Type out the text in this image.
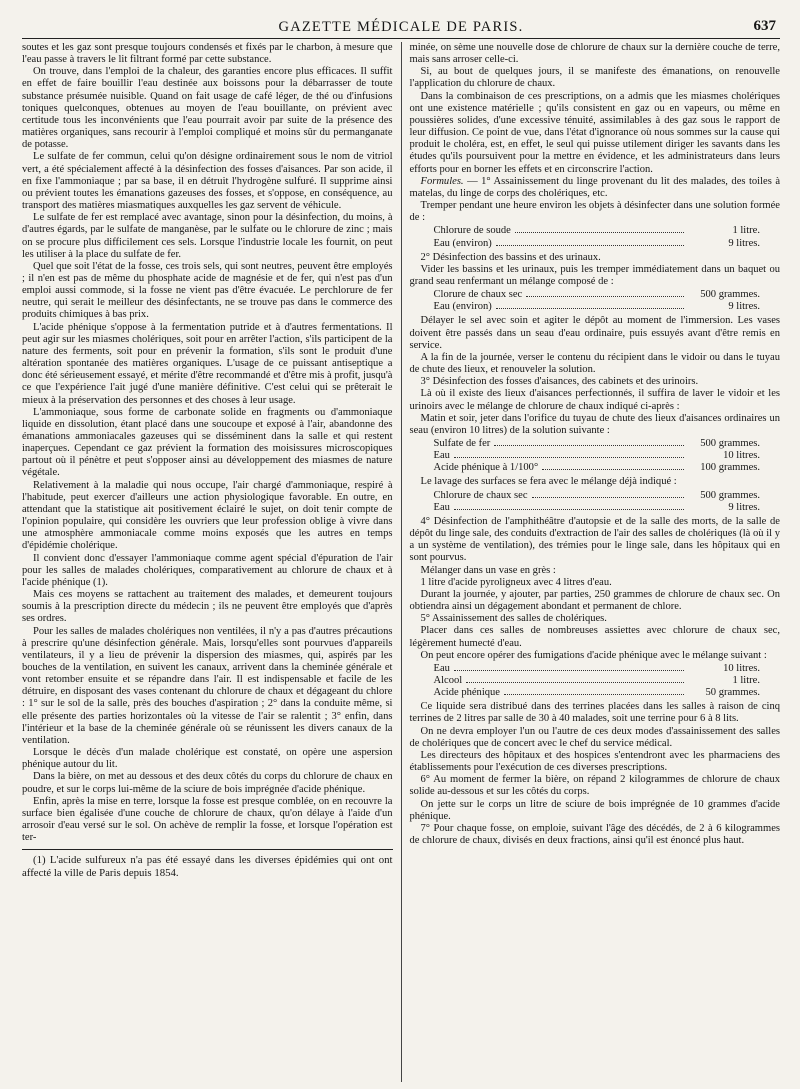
GAZETTE MÉDICALE DE PARIS.	637

soutes et les gaz sont presque toujours condensés et fixés par le charbon, à mesure que l'eau passe à travers le lit filtrant formé par cette substance.

On trouve, dans l'emploi de la chaleur, des garanties encore plus efficaces. Il suffit en effet de faire bouillir l'eau destinée aux boissons pour la débarrasser de toute substance présumée nuisible. Quand on fait usage de café léger, de thé ou d'infusions toniques quelconques, obtenues au moyen de l'eau bouillante, on prévient avec certitude tous les inconvénients que l'eau pourrait avoir par suite de la présence des matières organiques, sans recourir à l'emploi compliqué et moins sûr du permanganate de potasse.

Le sulfate de fer commun, celui qu'on désigne ordinairement sous le nom de vitriol vert, a été spécialement affecté à la désinfection des fosses d'aisances. Par son acide, il en fixe l'ammoniaque ; par sa base, il en détruit l'hydrogène sulfuré. Il supprime ainsi ou prévient toutes les émanations gazeuses des fosses, et s'oppose, en conséquence, au transport des matières miasmatiques auxquelles les gaz servent de véhicule.

Le sulfate de fer est remplacé avec avantage, sinon pour la désinfection, du moins, à d'autres égards, par le sulfate de manganèse, par le sulfate ou le chlorure de zinc ; mais on se procure plus difficilement ces sels. Lorsque l'industrie locale les fournit, on peut les utiliser à la place du sulfate de fer.

Quel que soit l'état de la fosse, ces trois sels, qui sont neutres, peuvent être employés ; il n'en est pas de même du phosphate acide de magnésie et de fer, qui n'est pas d'un emploi aussi commode, si la fosse ne vient pas d'être évacuée. Le perchlorure de fer neutre, qui serait le meilleur des désinfectants, ne se trouve pas dans le commerce des produits chimiques à bas prix.

L'acide phénique s'oppose à la fermentation putride et à d'autres fermentations. Il peut agir sur les miasmes cholériques, soit pour en arrêter l'action, s'ils participent de la nature des ferments, soit pour en prévenir la formation, s'ils sont le produit d'une altération spontanée des matières organiques. L'usage de ce puissant antiseptique a donc été sérieusement essayé, et mérite d'être recommandé et d'être mis à profit, jusqu'à ce que l'expérience l'ait jugé d'une manière définitive. C'est celui qui se prêterait le mieux à la préservation des personnes et des choses à leur usage.

L'ammoniaque, sous forme de carbonate solide en fragments ou d'ammoniaque liquide en dissolution, étant placé dans une soucoupe et exposé à l'air, abandonne des émanations ammoniacales gazeuses qui se disséminent dans la salle et qui restent inaperçues. Cependant ce gaz prévient la formation des moisissures microscopiques partout où il pénètre et peut s'opposer ainsi au développement des miasmes de nature végétale.

Relativement à la maladie qui nous occupe, l'air chargé d'ammoniaque, respiré à l'habitude, peut exercer d'ailleurs une action physiologique favorable. En outre, en attendant que la statistique ait positivement éclairé le sujet, on doit tenir compte de l'opinion populaire, qui considère les ouvriers que leur profession oblige à vivre dans une atmosphère ammoniacale comme moins exposés que les autres en temps d'épidémie cholérique.

Il convient donc d'essayer l'ammoniaque comme agent spécial d'épuration de l'air pour les salles de malades cholériques, comparativement au chlorure de chaux et à l'acide phénique (1).

Mais ces moyens se rattachent au traitement des malades, et demeurent toujours soumis à la prescription directe du médecin ; ils ne peuvent être employés que d'après ses ordres.

Pour les salles de malades cholériques non ventilées, il n'y a pas d'autres précautions à prescrire qu'une désinfection générale. Mais, lorsqu'elles sont pourvues d'appareils ventilateurs, il y a lieu de prévenir la dispersion des miasmes, qui, aspirés par les bouches de la ventilation, en suivent les canaux, arrivent dans la cheminée générale et vont retomber ensuite et se répandre dans l'air. Il est indispensable et facile de les détruire, en disposant des vases contenant du chlorure de chaux et dégageant du chlore : 1° sur le sol de la salle, près des bouches d'aspiration ; 2° dans la conduite même, si elle présente des parties horizontales où la vitesse de l'air se ralentit ; 3° enfin, dans l'intérieur et la base de la cheminée générale où se réunissent les divers canaux de la ventilation.

Lorsque le décès d'un malade cholérique est constaté, on opère une aspersion phénique autour du lit.

Dans la bière, on met au dessous et des deux côtés du corps du chlorure de chaux en poudre, et sur le corps lui-même de la sciure de bois imprégnée d'acide phénique.

Enfin, après la mise en terre, lorsque la fosse est presque comblée, on en recouvre la surface bien égalisée d'une couche de chlorure de chaux, qu'on délaye à l'aide d'un arrosoir d'eau versé sur le sol. On achève de remplir la fosse, et lorsque l'opération est ter-

(1) L'acide sulfureux n'a pas été essayé dans les diverses épidémies qui ont ont affecté la ville de Paris depuis 1854.

minée, on sème une nouvelle dose de chlorure de chaux sur la dernière couche de terre, mais sans arroser celle-ci.

Si, au bout de quelques jours, il se manifeste des émanations, on renouvelle l'application du chlorure de chaux.

Dans la combinaison de ces prescriptions, on a admis que les miasmes cholériques ont une existence matérielle ; qu'ils consistent en gaz ou en vapeurs, ou même en poussières solides, d'une excessive ténuité, assimilables à des gaz sous le rapport de leur diffusion. Ce point de vue, dans l'état d'ignorance où nous sommes sur la cause qui produit le choléra, est, en effet, le seul qui puisse utilement diriger les savants dans les études qu'ils poursuivent pour la mettre en évidence, et les administrateurs dans leurs efforts pour en borner les effets et en circonscrire l'action.

Formules. — 1° Assainissement du linge provenant du lit des malades, des toiles à matelas, du linge de corps des cholériques, etc.

Tremper pendant une heure environ les objets à désinfecter dans une solution formée de :

Chlorure de soude	1 litre.
Eau (environ)	9 litres.

2° Désinfection des bassins et des urinaux.

Vider les bassins et les urinaux, puis les tremper immédiatement dans un baquet ou grand seau renfermant un mélange composé de :

Clorure de chaux sec	500 grammes.
Eau (environ)	9 litres.

Délayer le sel avec soin et agiter le dépôt au moment de l'immersion. Les vases doivent être passés dans un seau d'eau ordinaire, puis essuyés avant d'être remis en service.

A la fin de la journée, verser le contenu du récipient dans le vidoir ou dans le tuyau de chute des lieux, et renouveler la solution.

3° Désinfection des fosses d'aisances, des cabinets et des urinoirs.

Là où il existe des lieux d'aisances perfectionnés, il suffira de laver le vidoir et les urinoirs avec le mélange de chlorure de chaux indiqué ci-après :

Matin et soir, jeter dans l'orifice du tuyau de chute des lieux d'aisances ordinaires un seau (environ 10 litres) de la solution suivante :

Sulfate de fer	500 grammes.
Eau	10 litres.
Acide phénique à 1/100°	100 grammes.

Le lavage des surfaces se fera avec le mélange déjà indiqué :

Chlorure de chaux sec	500 grammes.
Eau	9 litres.

4° Désinfection de l'amphithéâtre d'autopsie et de la salle des morts, de la salle de dépôt du linge sale, des conduits d'extraction de l'air des salles de cholériques (là où il y a un système de ventilation), des trémies pour le linge sale, dans les hôpitaux qui en sont pourvus.

Mélanger dans un vase en grès :

1 litre d'acide pyroligneux avec 4 litres d'eau.

Durant la journée, y ajouter, par parties, 250 grammes de chlorure de chaux sec. On obtiendra ainsi un dégagement abondant et permanent de chlore.

5° Assainissement des salles de cholériques.

Placer dans ces salles de nombreuses assiettes avec chlorure de chaux sec, légèrement humecté d'eau.

On peut encore opérer des fumigations d'acide phénique avec le mélange suivant :

Eau	10 litres.
Alcool	1 litre.
Acide phénique	50 grammes.

Ce liquide sera distribué dans des terrines placées dans les salles à raison de cinq terrines de 2 litres par salle de 30 à 40 malades, soit une terrine pour 6 à 8 lits.

On ne devra employer l'un ou l'autre de ces deux modes d'assainissement des salles de cholériques que de concert avec le chef du service médical.

Les directeurs des hôpitaux et des hospices s'entendront avec les pharmaciens des établissements pour l'exécution de ces diverses prescriptions.

6° Au moment de fermer la bière, on répand 2 kilogrammes de chlorure de chaux solide au-dessous et sur les côtés du corps.

On jette sur le corps un litre de sciure de bois imprégnée de 10 grammes d'acide phénique.

7° Pour chaque fosse, on emploie, suivant l'âge des décédés, de 2 à 6 kilogrammes de chlorure de chaux, divisés en deux fractions, ainsi qu'il est énoncé plus haut.
